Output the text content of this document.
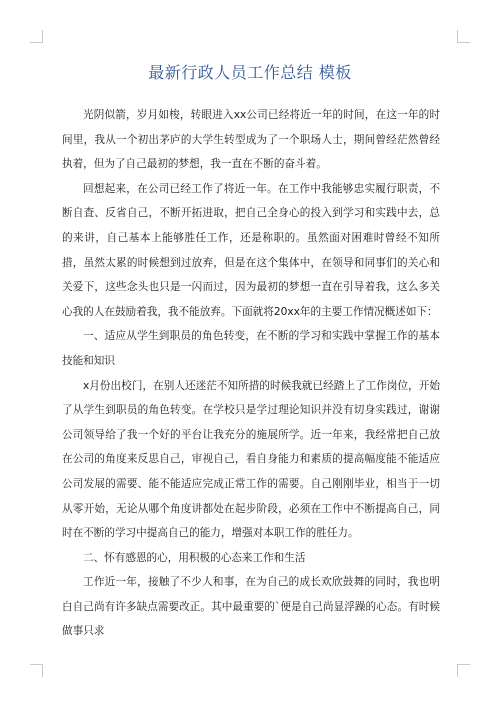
最新行政人员工作总结 模板

光阴似箭，岁月如梭，转眼进入xx公司已经将近一年的时间，在这一年的时间里，我从一个初出茅庐的大学生转型成为了一个职场人士，期间曾经茫然曾经执着，但为了自己最初的梦想，我一直在不断的奋斗着。

回想起来，在公司已经工作了将近一年。在工作中我能够忠实履行职责，不断自査、反省自己，不断开拓进取，把自己全身心的投入到学习和实践中去，总的来讲，自己基本上能够胜任工作，还是称职的。虽然面对困难时曾经不知所措，虽然太累的时候想到过放弃，但是在这个集体中，在领导和同事们的关心和关爱下，这些念头也只是一闪而过，因为最初的梦想一直在引导着我，这么多关心我的人在鼓励着我，我不能放弃。下面就将20xx年的主要工作情况概述如下：

一、适应从学生到职员的角色转变，在不断的学习和实践中掌握工作的基本技能和知识

x月份出校门，在别人还迷茫不知所措的时候我就已经踏上了工作岗位，开始了从学生到职员的角色转变。在学校只是学过理论知识并没有切身实践过，谢谢公司领导给了我一个好的平台让我充分的施展所学。近一年来，我经常把自己放在公司的角度来反思自己，审视自己，看自身能力和素质的提高幅度能不能适应公司发展的需要、能不能适应完成正常工作的需要。自己刚刚毕业，相当于一切从零开始，无论从哪个角度讲都处在起步阶段，必须在工作中不断提高自己，同时在不断的学习中提高自己的能力，增强对本职工作的胜任力。

二、怀有感恩的心，用积极的心态来工作和生活

工作近一年，接触了不少人和事，在为自己的成长欢欣鼓舞的同时，我也明白自己尚有许多缺点需要改正。其中最重要的`便是自己尚显浮躁的心态。有时候做事只求
